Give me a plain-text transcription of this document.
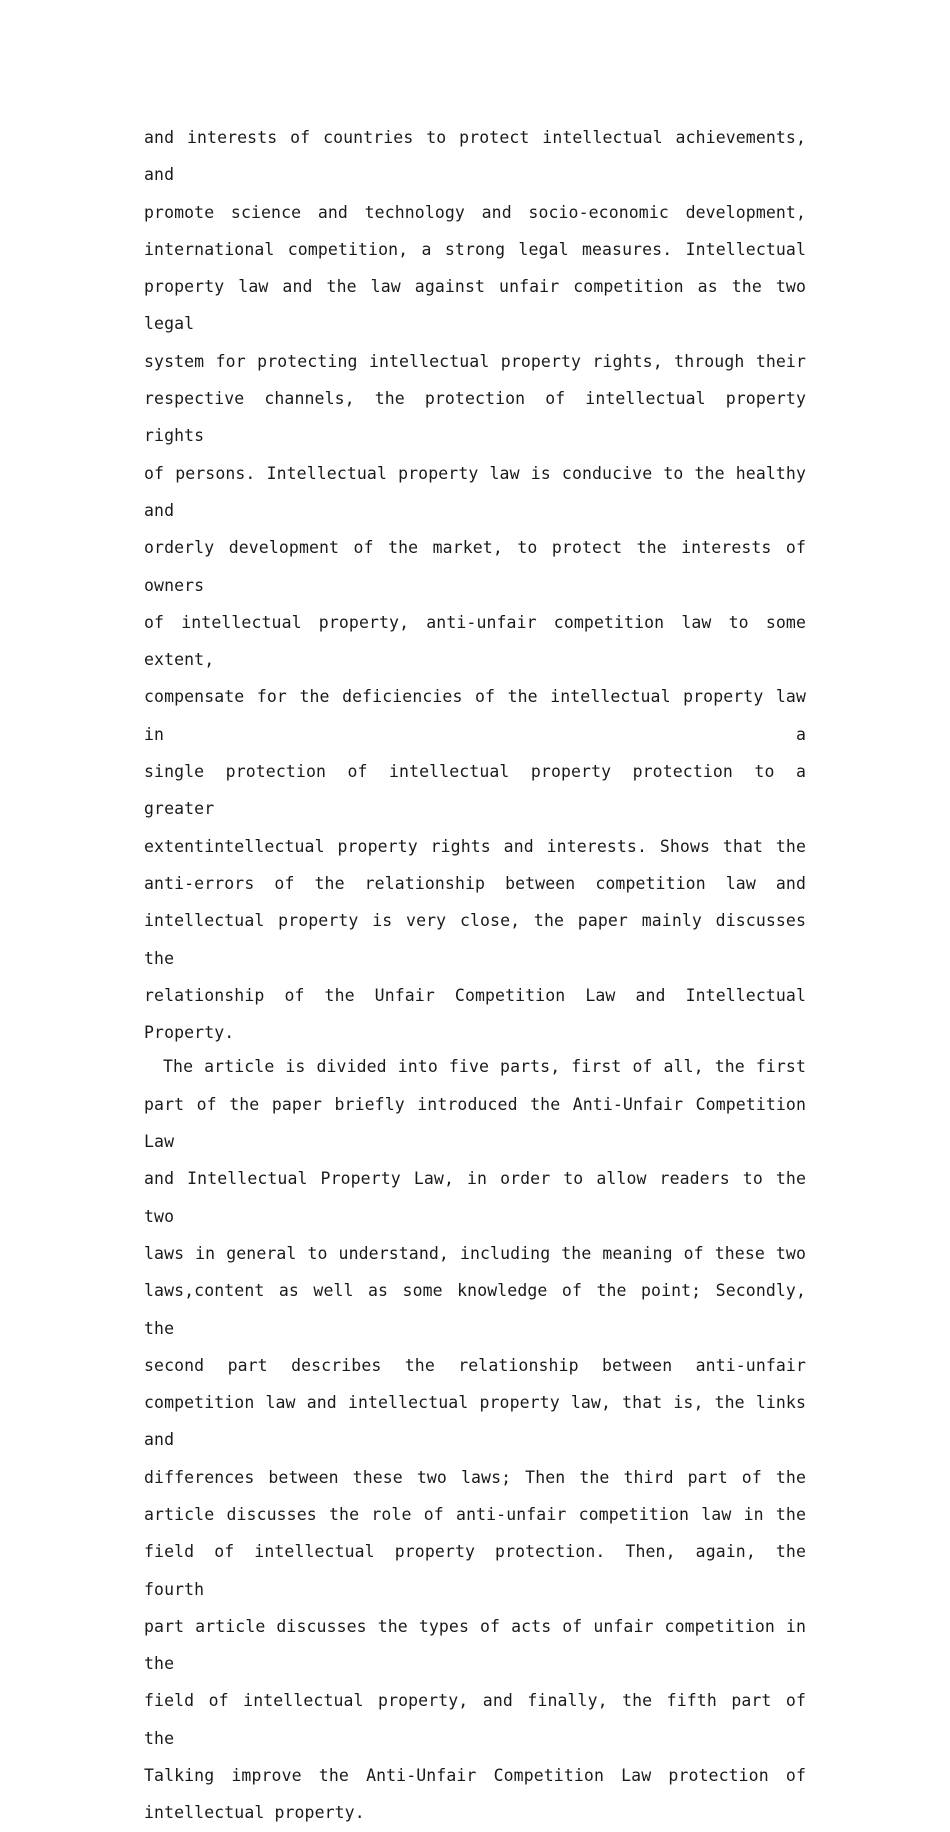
and interests of countries to protect intellectual achievements, and
promote science and technology and socio-economic development,
international competition, a strong legal measures. Intellectual
property law and the law against unfair competition as the two legal
system for protecting intellectual property rights, through their
respective channels, the protection of intellectual property rights
of persons. Intellectual property law is conducive to the healthy and
orderly development of the market, to protect the interests of owners
of intellectual property, anti-unfair competition law to some extent,
compensate for the deficiencies of the intellectual property law in a
single protection of intellectual property protection to a greater
extentintellectual property rights and interests. Shows that the
anti-errors of the relationship between competition law and
intellectual property is very close, the paper mainly discusses the
relationship of the Unfair Competition Law and Intellectual Property.

The article is divided into five parts, first of all, the first
part of the paper briefly introduced the Anti-Unfair Competition Law
and Intellectual Property Law, in order to allow readers to the two
laws in general to understand, including the meaning of these two
laws,content as well as some knowledge of the point; Secondly, the
second part describes the relationship between anti-unfair
competition law and intellectual property law, that is, the links and
differences between these two laws; Then the third part of the
article discusses the role of anti-unfair competition law in the
field of intellectual property protection. Then, again, the fourth
part article discusses the types of acts of unfair competition in the
field of intellectual property, and finally, the fifth part of the
Talking improve the Anti-Unfair Competition Law protection of
intellectual property.
